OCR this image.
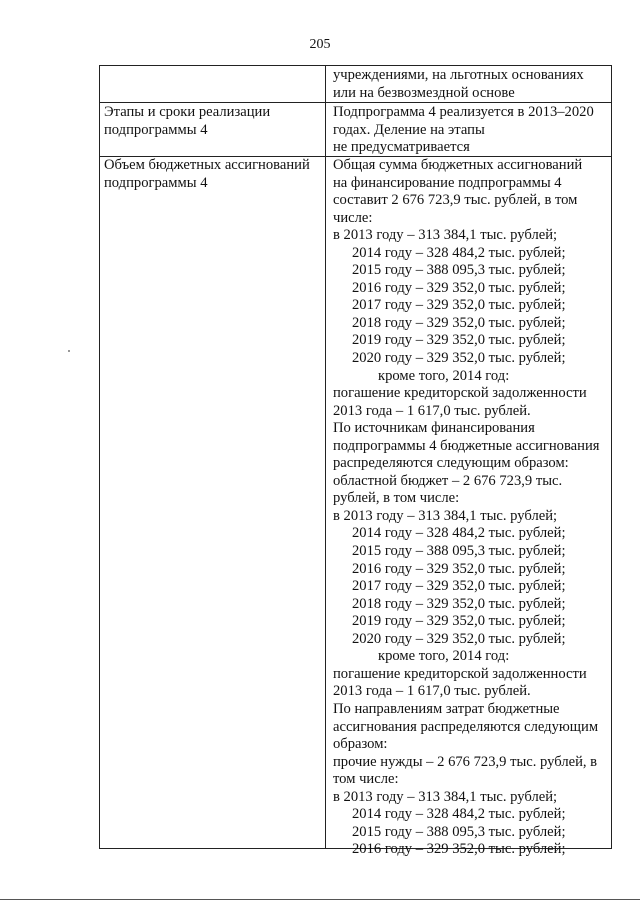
205
учреждениями, на льготных основаниях
или на безвозмездной основе
Этапы и сроки реализации
подпрограммы 4
Подпрограмма 4 реализуется в 2013–2020
годах. Деление на этапы
не предусматривается
Объем бюджетных ассигнований
подпрограммы 4
Общая сумма бюджетных ассигнований
на финансирование подпрограммы 4
составит 2 676 723,9 тыс. рублей, в том
числе:
в 2013 году – 313 384,1 тыс. рублей;
2014 году – 328 484,2 тыс. рублей;
2015 году – 388 095,3 тыс. рублей;
2016 году – 329 352,0 тыс. рублей;
2017 году – 329 352,0 тыс. рублей;
2018 году – 329 352,0 тыс. рублей;
2019 году – 329 352,0 тыс. рублей;
2020 году – 329 352,0 тыс. рублей;
кроме того, 2014 год:
погашение кредиторской задолженности
2013 года – 1 617,0 тыс. рублей.
По источникам финансирования
подпрограммы 4 бюджетные ассигнования
распределяются следующим образом:
областной бюджет – 2 676 723,9 тыс.
рублей, в том числе:
в 2013 году – 313 384,1 тыс. рублей;
2014 году – 328 484,2 тыс. рублей;
2015 году – 388 095,3 тыс. рублей;
2016 году – 329 352,0 тыс. рублей;
2017 году – 329 352,0 тыс. рублей;
2018 году – 329 352,0 тыс. рублей;
2019 году – 329 352,0 тыс. рублей;
2020 году – 329 352,0 тыс. рублей;
кроме того, 2014 год:
погашение кредиторской задолженности
2013 года – 1 617,0 тыс. рублей.
По направлениям затрат бюджетные
ассигнования распределяются следующим
образом:
прочие нужды – 2 676 723,9 тыс. рублей, в
том числе:
в 2013 году – 313 384,1 тыс. рублей;
2014 году – 328 484,2 тыс. рублей;
2015 году – 388 095,3 тыс. рублей;
2016 году – 329 352,0 тыс. рублей;
